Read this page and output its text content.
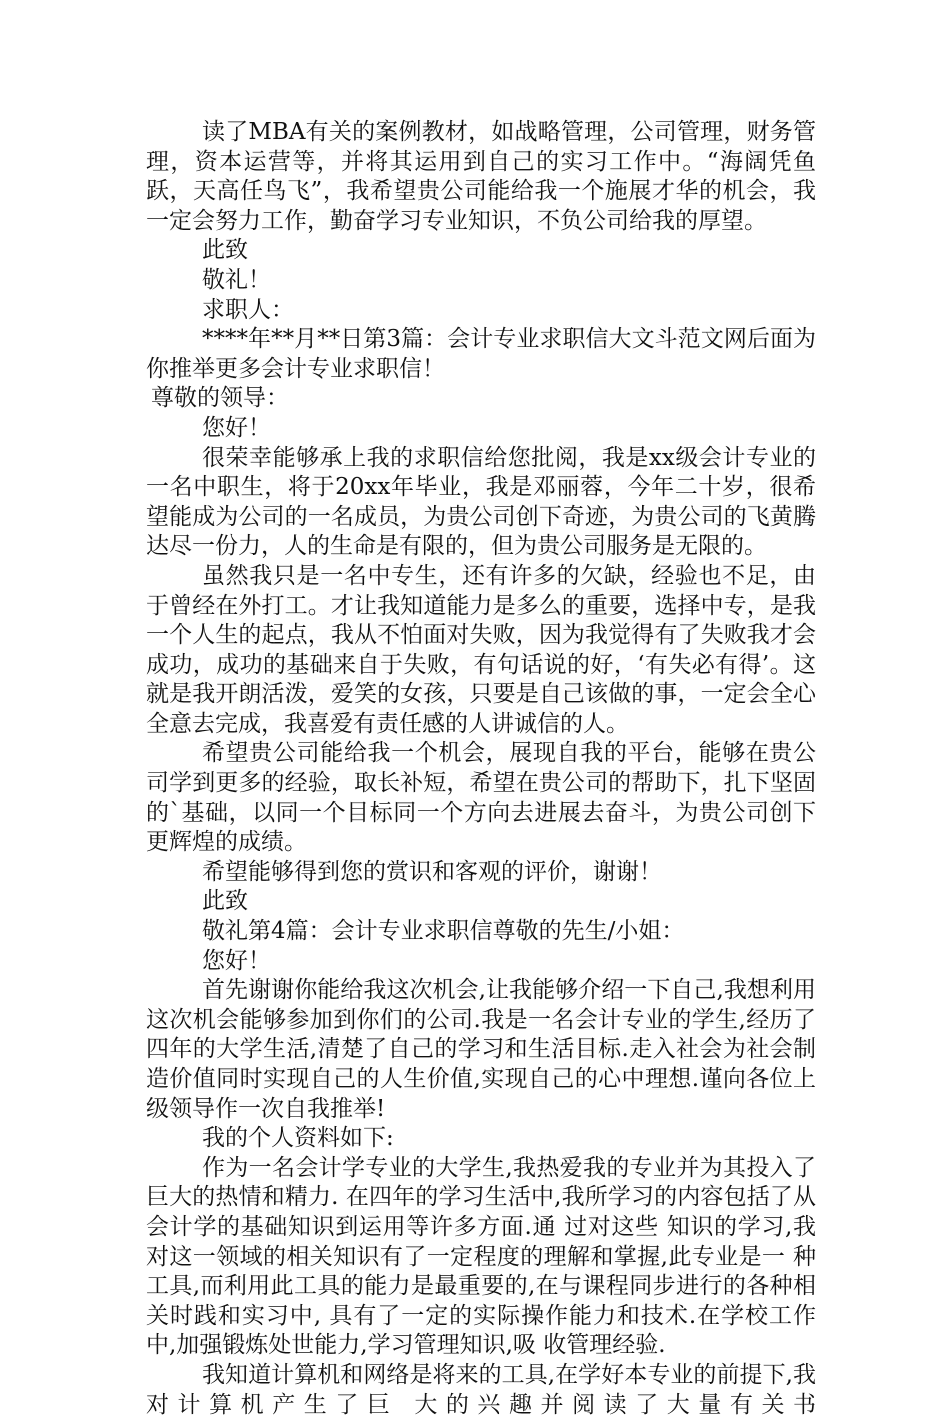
读了MBA有关的案例教材，如战略管理，公司管理，财务管理，资本运营等，并将其运用到自己的实习工作中。“海阔凭鱼跃，天高任鸟飞”，我希望贵公司能给我一个施展才华的机会，我一定会努力工作，勤奋学习专业知识，不负公司给我的厚望。

此致

敬礼！

求职人：

****年**月**日第3篇：会计专业求职信大文斗范文网后面为你推举更多会计专业求职信！

尊敬的领导：

您好！

很荣幸能够承上我的求职信给您批阅，我是xx级会计专业的一名中职生，将于20xx年毕业，我是邓丽蓉，今年二十岁，很希望能成为公司的一名成员，为贵公司创下奇迹，为贵公司的飞黄腾达尽一份力，人的生命是有限的，但为贵公司服务是无限的。

虽然我只是一名中专生，还有许多的欠缺，经验也不足，由于曾经在外打工。才让我知道能力是多么的重要，选择中专，是我一个人生的起点，我从不怕面对失败，因为我觉得有了失败我才会成功，成功的基础来自于失败，有句话说的好，‘有失必有得’。这就是我开朗活泼，爱笑的女孩，只要是自己该做的事，一定会全心全意去完成，我喜爱有责任感的人讲诚信的人。

希望贵公司能给我一个机会，展现自我的平台，能够在贵公司学到更多的经验，取长补短，希望在贵公司的帮助下，扎下坚固的`基础，以同一个目标同一个方向去进展去奋斗，为贵公司创下更辉煌的成绩。

希望能够得到您的赏识和客观的评价，谢谢！

此致

敬礼第4篇：会计专业求职信尊敬的先生/小姐：

您好！

首先谢谢你能给我这次机会,让我能够介绍一下自己,我想利用这次机会能够参加到你们的公司.我是一名会计专业的学生,经历了四年的大学生活,清楚了自己的学习和生活目标.走入社会为社会制造价值同时实现自己的人生价值,实现自己的心中理想.谨向各位上级领导作一次自我推举!

我的个人资料如下:

作为一名会计学专业的大学生,我热爱我的专业并为其投入了巨大的热情和精力. 在四年的学习生活中,我所学习的内容包括了从会计学的基础知识到运用等许多方面.通 过对这些 知识的学习,我对这一领域的相关知识有了一定程度的理解和掌握,此专业是一 种工具,而利用此工具的能力是最重要的,在与课程同步进行的各种相关时践和实习中, 具有了一定的实际操作能力和技术.在学校工作中,加强锻炼处世能力,学习管理知识,吸 收管理经验.

我知道计算机和网络是将来的工具,在学好本专业的前提下,我对计算机产生了巨 大的兴趣并阅读了大量有关书
